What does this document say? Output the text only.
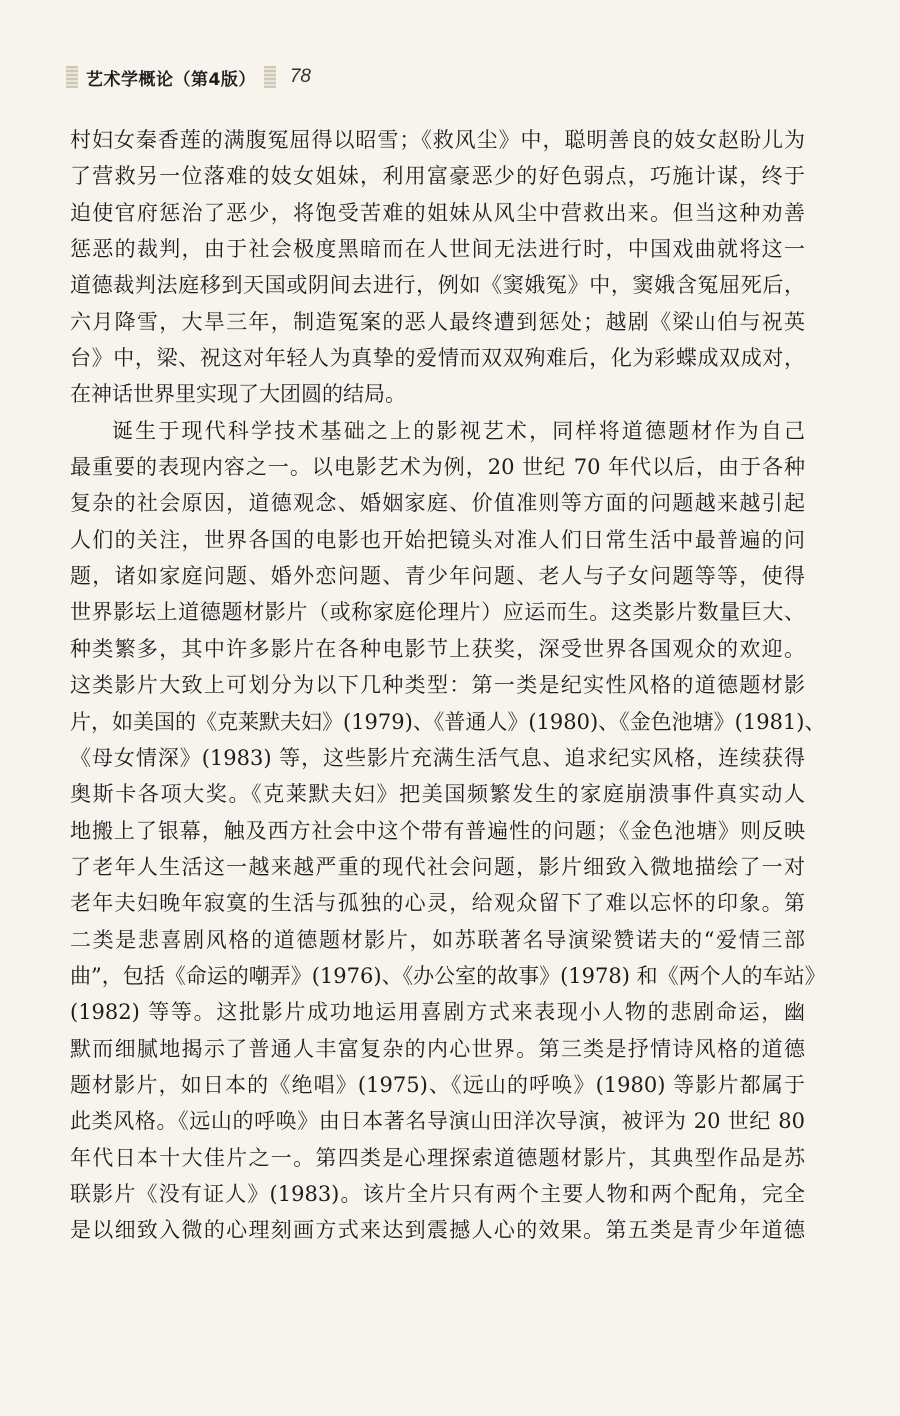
艺术学概论（第4版） 78
村妇女秦香莲的满腹冤屈得以昭雪；《救风尘》中，聪明善良的妓女赵盼儿为
了营救另一位落难的妓女姐妹，利用富豪恶少的好色弱点，巧施计谋，终于
迫使官府惩治了恶少，将饱受苦难的姐妹从风尘中营救出来。但当这种劝善
惩恶的裁判，由于社会极度黑暗而在人世间无法进行时，中国戏曲就将这一
道德裁判法庭移到天国或阴间去进行，例如《窦娥冤》中，窦娥含冤屈死后，
六月降雪，大旱三年，制造冤案的恶人最终遭到惩处；越剧《梁山伯与祝英
台》中，梁、祝这对年轻人为真挚的爱情而双双殉难后，化为彩蝶成双成对，
在神话世界里实现了大团圆的结局。
诞生于现代科学技术基础之上的影视艺术，同样将道德题材作为自己
最重要的表现内容之一。以电影艺术为例，20 世纪 70 年代以后，由于各种
复杂的社会原因，道德观念、婚姻家庭、价值准则等方面的问题越来越引起
人们的关注，世界各国的电影也开始把镜头对准人们日常生活中最普遍的问
题，诸如家庭问题、婚外恋问题、青少年问题、老人与子女问题等等，使得
世界影坛上道德题材影片（或称家庭伦理片）应运而生。这类影片数量巨大、
种类繁多，其中许多影片在各种电影节上获奖，深受世界各国观众的欢迎。
这类影片大致上可划分为以下几种类型：第一类是纪实性风格的道德题材影
片，如美国的《克莱默夫妇》(1979)、《普通人》(1980)、《金色池塘》(1981)、
《母女情深》(1983) 等，这些影片充满生活气息、追求纪实风格，连续获得
奥斯卡各项大奖。《克莱默夫妇》把美国频繁发生的家庭崩溃事件真实动人
地搬上了银幕，触及西方社会中这个带有普遍性的问题；《金色池塘》则反映
了老年人生活这一越来越严重的现代社会问题，影片细致入微地描绘了一对
老年夫妇晚年寂寞的生活与孤独的心灵，给观众留下了难以忘怀的印象。第
二类是悲喜剧风格的道德题材影片，如苏联著名导演梁赞诺夫的“爱情三部
曲”，包括《命运的嘲弄》(1976)、《办公室的故事》(1978) 和《两个人的车站》
(1982) 等等。这批影片成功地运用喜剧方式来表现小人物的悲剧命运，幽
默而细腻地揭示了普通人丰富复杂的内心世界。第三类是抒情诗风格的道德
题材影片，如日本的《绝唱》(1975)、《远山的呼唤》(1980) 等影片都属于
此类风格。《远山的呼唤》由日本著名导演山田洋次导演，被评为 20 世纪 80
年代日本十大佳片之一。第四类是心理探索道德题材影片，其典型作品是苏
联影片《没有证人》(1983)。该片全片只有两个主要人物和两个配角，完全
是以细致入微的心理刻画方式来达到震撼人心的效果。第五类是青少年道德
